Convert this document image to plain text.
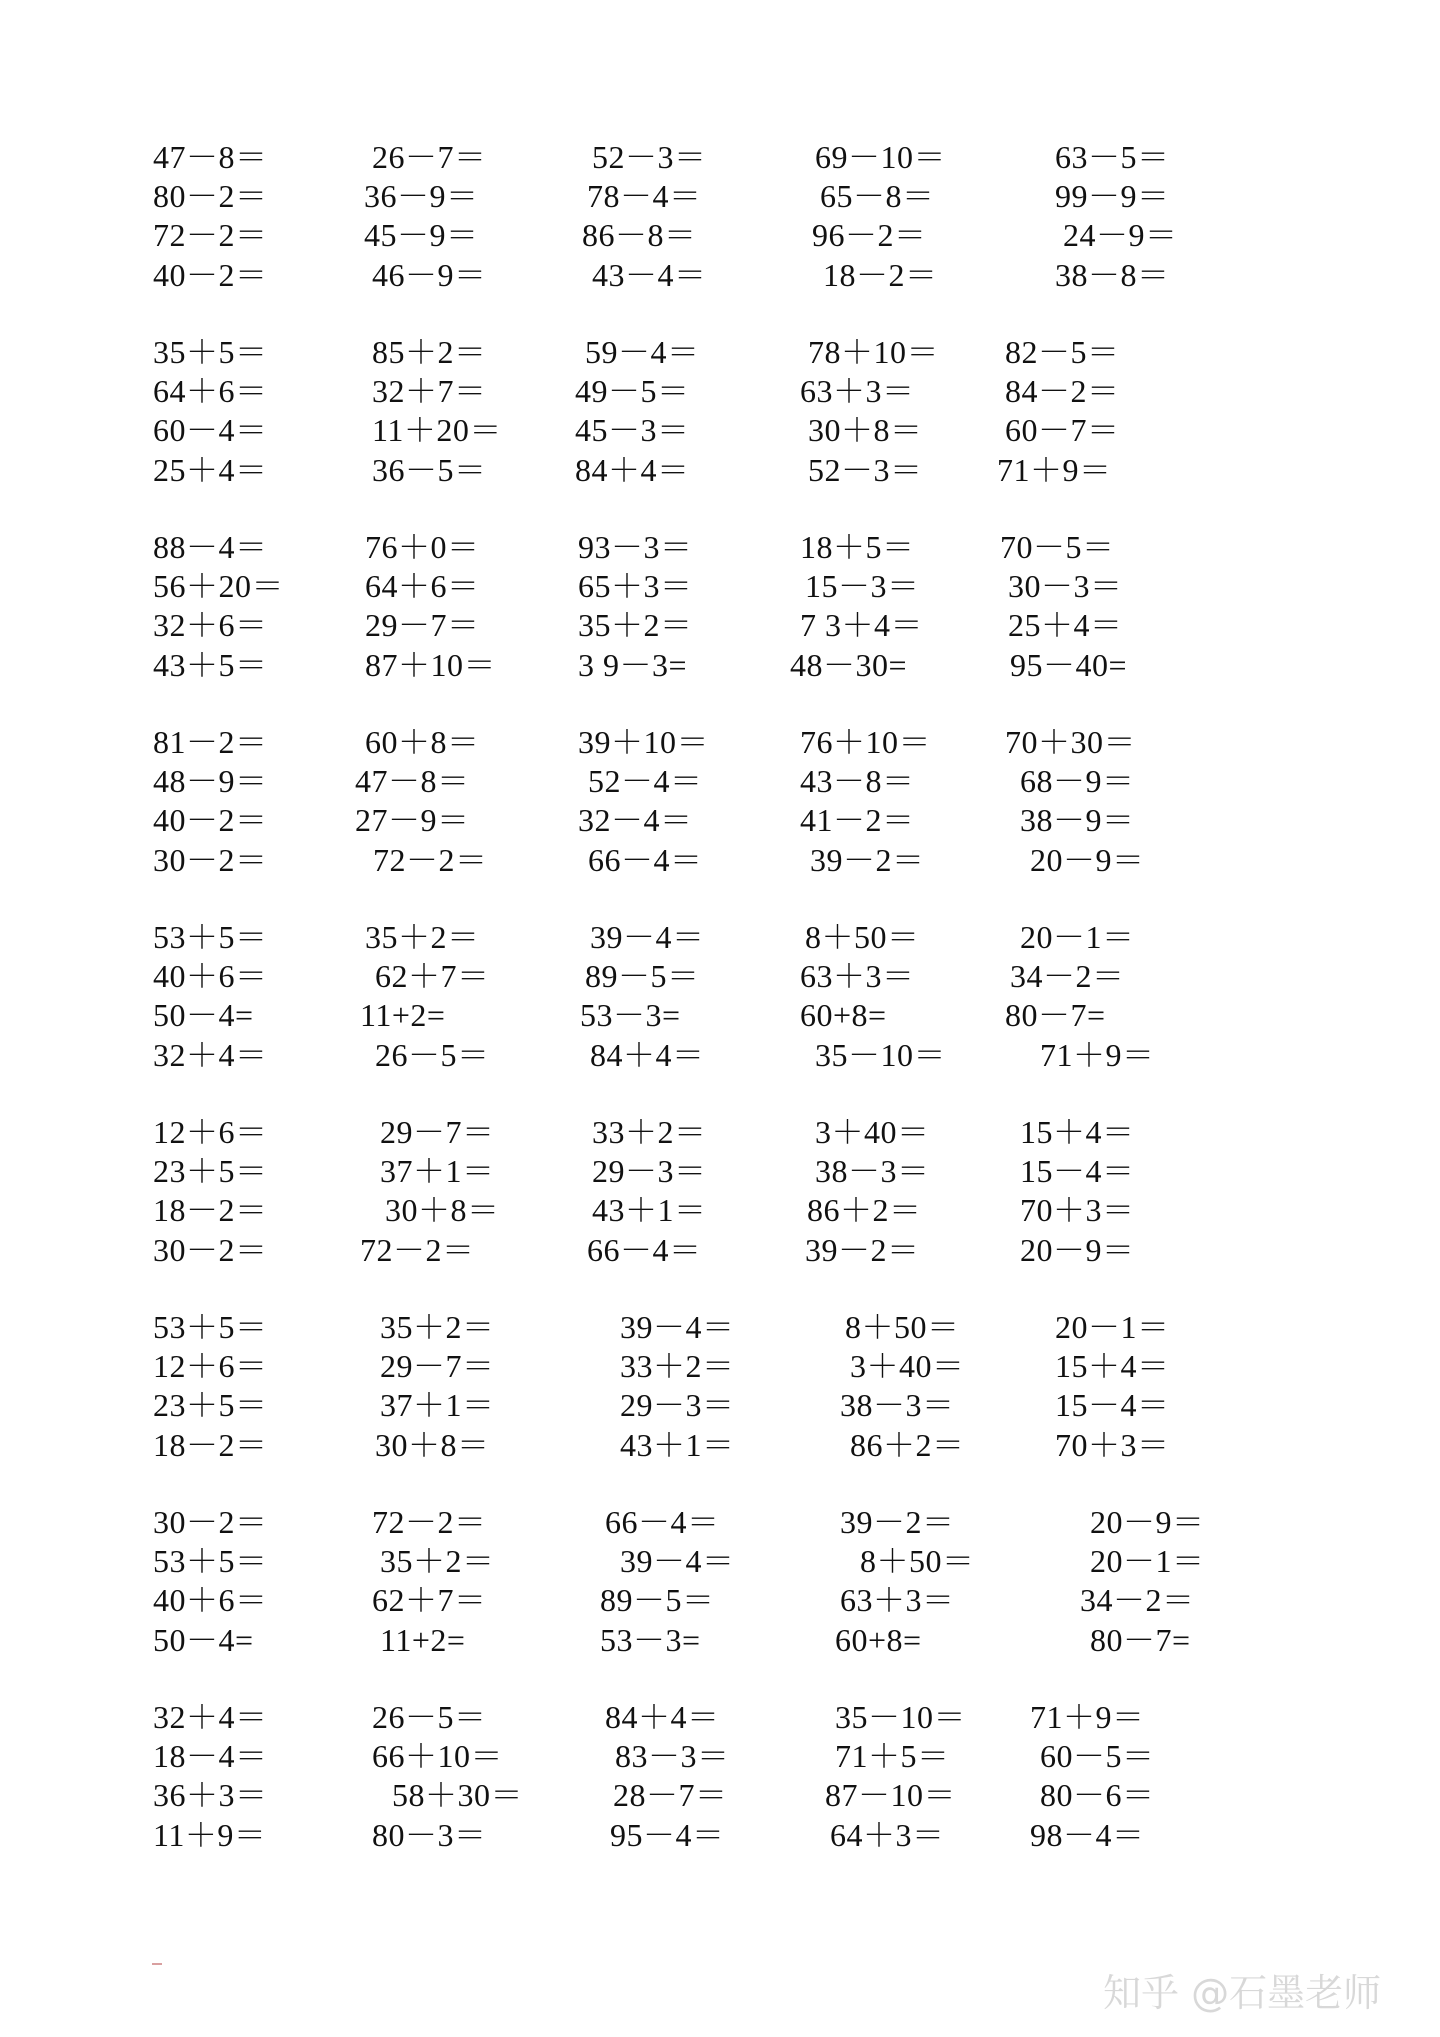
47－8＝	26－7＝	52－3＝	69－10＝	63－5＝
80－2＝	36－9＝	78－4＝	65－8＝	99－9＝
72－2＝	45－9＝	86－8＝	96－2＝	24－9＝
40－2＝	46－9＝	43－4＝	18－2＝	38－8＝
35＋5＝	85＋2＝	59－4＝	78＋10＝ 82－5＝
64＋6＝	32＋7＝	49－5＝	63＋3＝	84－2＝
60－4＝	11＋20＝ 45－3＝	30＋8＝	60－7＝
25＋4＝	36－5＝	84＋4＝	52－3＝ 71＋9＝
88－4＝	76＋0＝	93－3＝	18＋5＝	70－5＝
56＋20＝	64＋6＝	65＋3＝	15－3＝	30－3＝
32＋6＝	29－7＝	35＋2＝	7 3＋4＝	25＋4＝
43＋5＝	87＋10＝	3 9－3=	48－30=	95－40=
81－2＝	60＋8＝	39＋10＝	76＋10＝ 70＋30＝
48－9＝	47－8＝	52－4＝	43－8＝	68－9＝
40－2＝	27－9＝	32－4＝	41－2＝	38－9＝
30－2＝	72－2＝	66－4＝	39－2＝	20－9＝
53＋5＝	35＋2＝	39－4＝	8＋50＝	20－1＝
40＋6＝	62＋7＝	89－5＝	63＋3＝	34－2＝
50－4=	11+2=	53－3=	60+8=	80－7=
32＋4＝	26－5＝	84＋4＝	35－10＝	71＋9＝
12＋6＝	29－7＝	33＋2＝	3＋40＝	15＋4＝
23＋5＝	37＋1＝	29－3＝	38－3＝	15－4＝
18－2＝	30＋8＝	43＋1＝	86＋2＝	70＋3＝
30－2＝	72－2＝	66－4＝	39－2＝	20－9＝
53＋5＝	35＋2＝	39－4＝	8＋50＝	20－1＝
12＋6＝	29－7＝	33＋2＝	3＋40＝	15＋4＝
23＋5＝	37＋1＝	29－3＝	38－3＝	15－4＝
18－2＝	30＋8＝	43＋1＝	86＋2＝	70＋3＝
30－2＝	72－2＝	66－4＝	39－2＝	20－9＝
53＋5＝	35＋2＝	39－4＝	8＋50＝	20－1＝
40＋6＝	62＋7＝	89－5＝	63＋3＝	34－2＝
50－4=	11+2=	53－3=	60+8=	80－7=
32＋4＝	26－5＝	84＋4＝	35－10＝ 71＋9＝
18－4＝	66＋10＝	83－3＝	71＋5＝	60－5＝
36＋3＝	58＋30＝	28－7＝	87－10＝	80－6＝
11＋9＝	80－3＝	95－4＝	64＋3＝	98－4＝
知乎 @石墨老师
